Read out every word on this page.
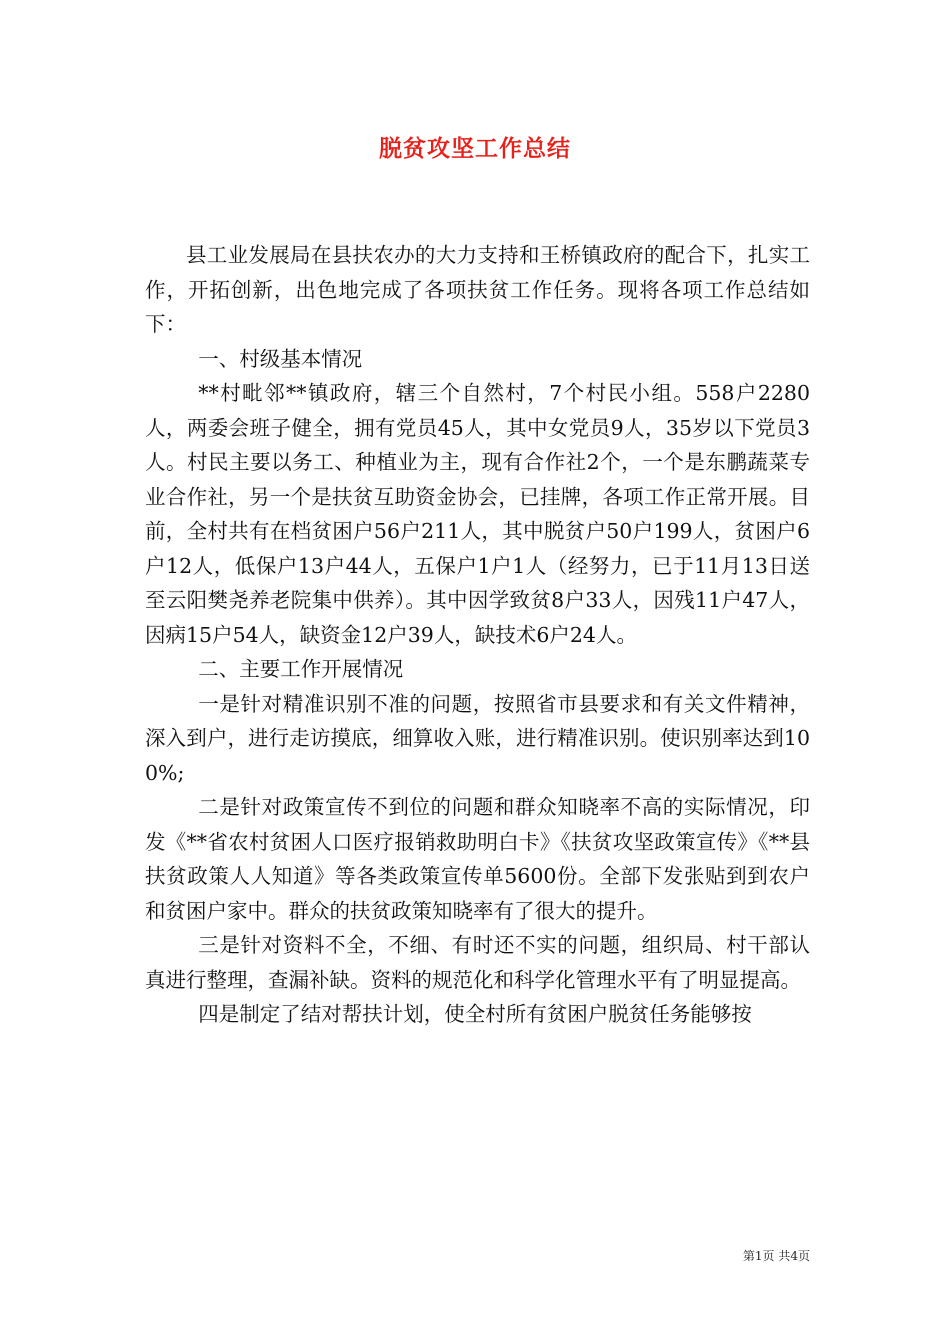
脱贫攻坚工作总结

县工业发展局在县扶农办的大力支持和王桥镇政府的配合下，扎实工作，开拓创新，出色地完成了各项扶贫工作任务。现将各项工作总结如下：

一、村级基本情况

**村毗邻**镇政府，辖三个自然村，7个村民小组。558户2280人，两委会班子健全，拥有党员45人，其中女党员9人，35岁以下党员3人。村民主要以务工、种植业为主，现有合作社2个，一个是东鹏蔬菜专业合作社，另一个是扶贫互助资金协会，已挂牌，各项工作正常开展。目前，全村共有在档贫困户56户211人，其中脱贫户50户199人，贫困户6户12人，低保户13户44人，五保户1户1人（经努力，已于11月13日送至云阳樊尧养老院集中供养）。其中因学致贫8户33人，因残11户47人，因病15户54人，缺资金12户39人，缺技术6户24人。

二、主要工作开展情况

一是针对精准识别不准的问题，按照省市县要求和有关文件精神，深入到户，进行走访摸底，细算收入账，进行精准识别。使识别率达到100%;

二是针对政策宣传不到位的问题和群众知晓率不高的实际情况，印发《**省农村贫困人口医疗报销救助明白卡》《扶贫攻坚政策宣传》《**县扶贫政策人人知道》等各类政策宣传单5600份。全部下发张贴到到农户和贫困户家中。群众的扶贫政策知晓率有了很大的提升。

三是针对资料不全，不细、有时还不实的问题，组织局、村干部认真进行整理，查漏补缺。资料的规范化和科学化管理水平有了明显提高。

四是制定了结对帮扶计划，使全村所有贫困户脱贫任务能够按

第1页 共4页
